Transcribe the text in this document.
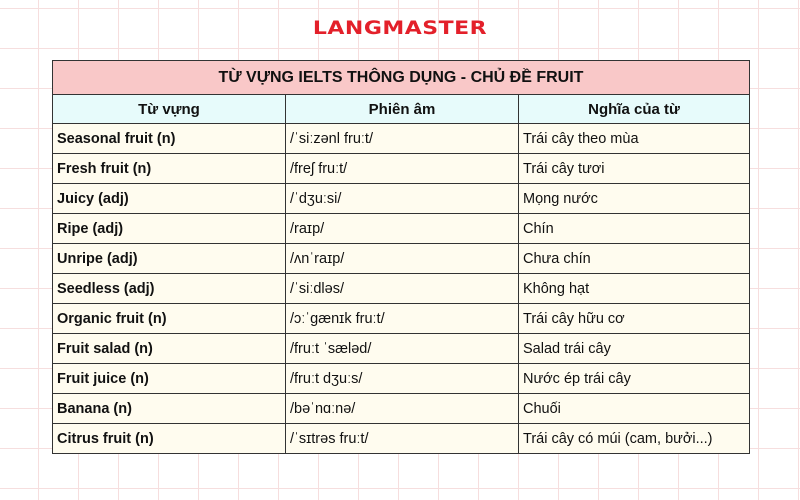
LANGMASTER
TỪ VỰNG IELTS THÔNG DỤNG - CHỦ ĐỀ FRUIT		
Từ vựng	Phiên âm	Nghĩa của từ
Seasonal fruit (n)	/ˈsiːzənl fruːt/	Trái cây theo mùa
Fresh fruit (n)	/freʃ fruːt/	Trái cây tươi
Juicy (adj)	/ˈdʒuːsi/	Mọng nước
Ripe (adj)	/raɪp/	Chín
Unripe (adj)	/ʌnˈraɪp/	Chưa chín
Seedless (adj)	/ˈsiːdləs/	Không hạt
Organic fruit (n)	/ɔːˈɡænɪk fruːt/	Trái cây hữu cơ
Fruit salad (n)	/fruːt ˈsæləd/	Salad trái cây
Fruit juice (n)	/fruːt dʒuːs/	Nước ép trái cây
Banana (n)	/bəˈnɑːnə/	Chuối
Citrus fruit (n)	/ˈsɪtrəs fruːt/	Trái cây có múi (cam, bưởi...)
